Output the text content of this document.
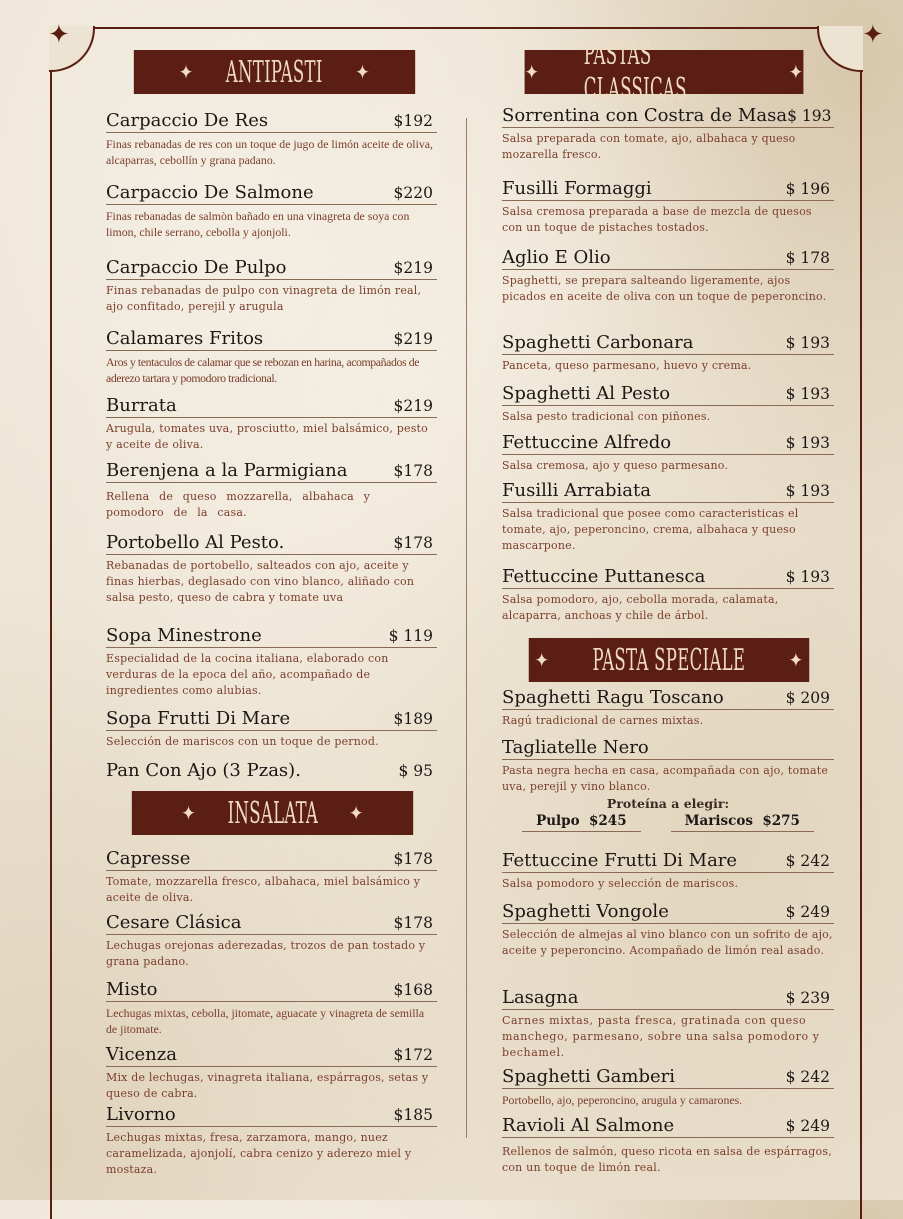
✦	✦
✦ ANTIPASTI ✦
Carpaccio De Res	$192
Finas rebanadas de res con un toque de jugo de limón aceite de oliva, alcaparras, cebollín y grana padano.
Carpaccio De Salmone	$220
Finas rebanadas de salmòn bañado en una vinagreta de soya con limon, chile serrano, cebolla y ajonjoli.
Carpaccio De Pulpo	$219
Finas rebanadas de pulpo con vinagreta de limón real, ajo confitado, perejil y arugula
Calamares Fritos	$219
Aros y tentaculos de calamar que se rebozan en harina, acompañados de aderezo tartara y pomodoro tradicional.
Burrata	$219
Arugula, tomates uva, prosciutto, miel balsámico, pesto y aceite de oliva.
Berenjena a la Parmigiana	$178
Rellena de queso mozzarella, albahaca y pomodoro de la casa.
Portobello Al Pesto.	$178
Rebanadas de portobello, salteados con ajo, aceite y finas hierbas, deglasado con vino blanco, aliñado con salsa pesto, queso de cabra y tomate uva
Sopa Minestrone	$ 119
Especialidad de la cocina italiana, elaborado con verduras de la epoca del año, acompañado de ingredientes como alubias.
Sopa Frutti Di Mare	$189
Selección de mariscos con un toque de pernod.
Pan Con Ajo (3 Pzas).	$ 95
✦ INSALATA ✦
Capresse	$178
Tomate, mozzarella fresco, albahaca, miel balsámico y aceite de oliva.
Cesare Clásica	$178
Lechugas orejonas aderezadas, trozos de pan tostado y grana padano.
Misto	$168
Lechugas mixtas, cebolla, jitomate, aguacate y vinagreta de semilla de jitomate.
Vicenza	$172
Mix de lechugas, vinagreta italiana, espárragos, setas y queso de cabra.
Livorno	$185
Lechugas mixtas, fresa, zarzamora, mango, nuez caramelizada, ajonjolí, cabra cenizo y aderezo miel y mostaza.
✦
PASTAS CLASSICAS	✦
Sorrentina con Costra de Masa $ 193
Salsa preparada con tomate, ajo, albahaca y queso mozarella fresco.
Fusilli Formaggi	$ 196
Salsa cremosa preparada a base de mezcla de quesos con un toque de pistaches tostados.
Aglio E Olio	$ 178
Spaghetti, se prepara salteando ligeramente, ajos picados en aceite de oliva con un toque de peperoncino.
Spaghetti Carbonara	$ 193
Panceta, queso parmesano, huevo y crema.
Spaghetti Al Pesto	$ 193
Salsa pesto tradicional con piñones.
Fettuccine Alfredo	$ 193
Salsa cremosa, ajo y queso parmesano.
Fusilli Arrabiata	$ 193
Salsa tradicional que posee como caracteristicas el tomate, ajo, peperoncino, crema, albahaca y queso mascarpone.
Fettuccine Puttanesca	$ 193
Salsa pomodoro, ajo, cebolla morada, calamata, alcaparra, anchoas y chile de árbol.
✦ PASTA SPECIALE ✦
Spaghetti Ragu Toscano	$ 209
Ragú tradicional de carnes mixtas.
Tagliatelle Nero
Pasta negra hecha en casa, acompañada con ajo, tomate uva, perejil y vino blanco.
Proteína a elegir:
Pulpo $245	Mariscos $275
Fettuccine Frutti Di Mare	$ 242
Salsa pomodoro y selección de mariscos.
Spaghetti Vongole	$ 249
Selección de almejas al vino blanco con un sofrito de ajo, aceite y peperoncino. Acompañado de limón real asado.
Lasagna	$ 239
Carnes mixtas, pasta fresca, gratinada con queso manchego, parmesano, sobre una salsa pomodoro y bechamel.
Spaghetti Gamberi	$ 242
Portobello, ajo, peperoncino, arugula y camarones.
Ravioli Al Salmone	$ 249
Rellenos de salmón, queso ricota en salsa de espárragos, con un toque de limón real.
